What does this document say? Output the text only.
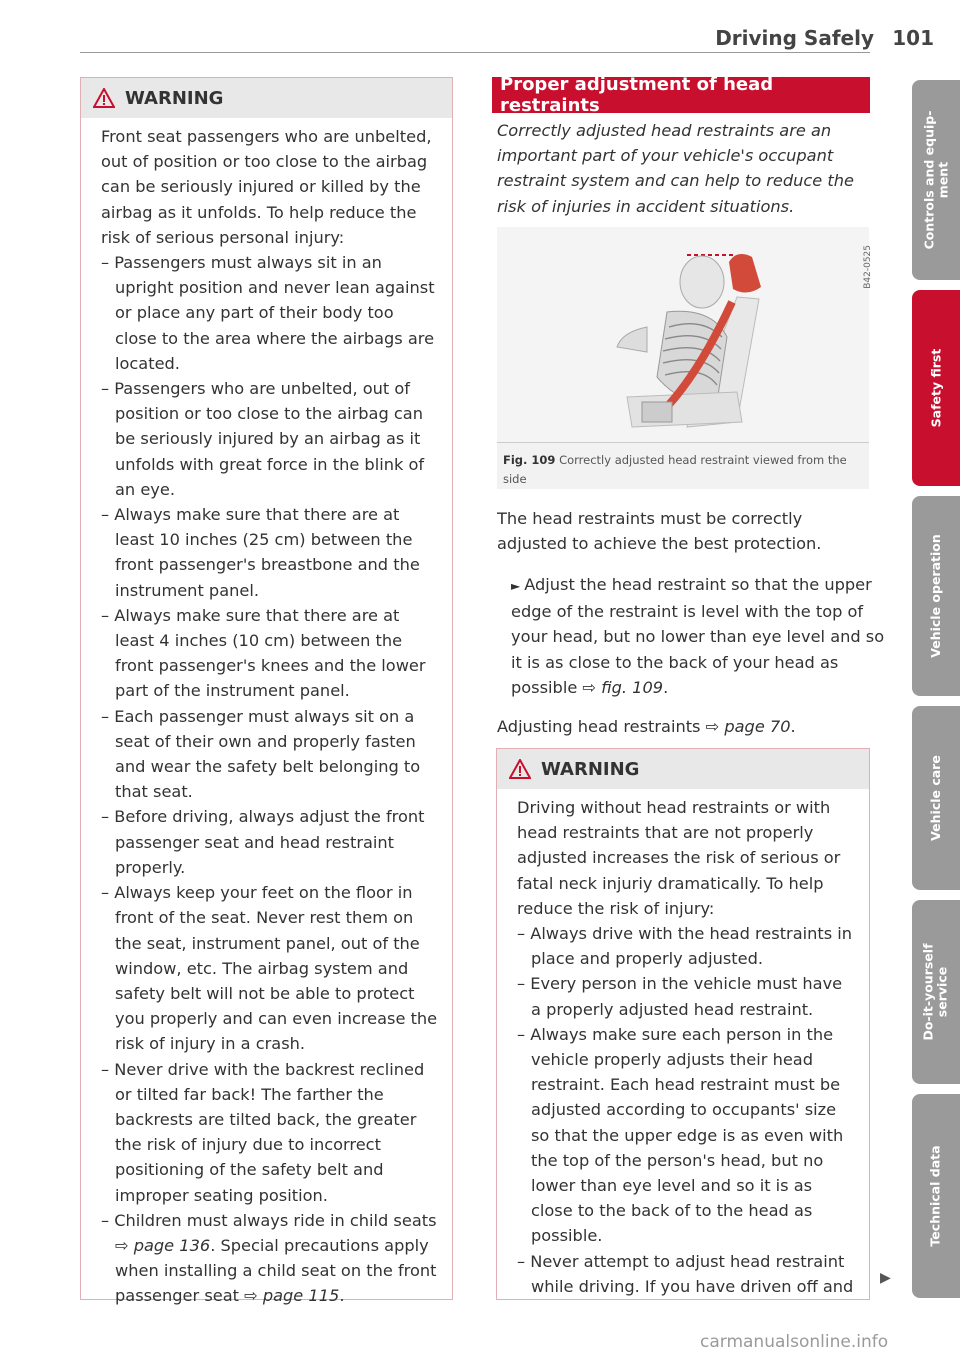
Driving Safely 101
WARNING

Front seat passengers who are unbelted, out of position or too close to the airbag can be seriously injured or killed by the airbag as it unfolds. To help reduce the risk of serious personal injury:

– Passengers must always sit in an upright position and never lean against or place any part of their body too close to the area where the airbags are located.
– Passengers who are unbelted, out of position or too close to the airbag can be seriously injured by an airbag as it unfolds with great force in the blink of an eye.
– Always make sure that there are at least 10 inches (25 cm) between the front passenger's breastbone and the instrument panel.
– Always make sure that there are at least 4 inches (10 cm) between the front passenger's knees and the lower part of the instrument panel.
– Each passenger must always sit on a seat of their own and properly fasten and wear the safety belt belonging to that seat.
– Before driving, always adjust the front passenger seat and head restraint properly.
– Always keep your feet on the floor in front of the seat. Never rest them on the seat, instrument panel, out of the window, etc. The airbag system and safety belt will not be able to protect you properly and can even increase the risk of injury in a crash.
– Never drive with the backrest reclined or tilted far back! The farther the backrests are tilted back, the greater the risk of injury due to incorrect positioning of the safety belt and improper seating position.
– Children must always ride in child seats ⇨ page 136. Special precautions apply when installing a child seat on the front passenger seat ⇨ page 115.
Proper adjustment of head restraints
Correctly adjusted head restraints are an important part of your vehicle's occupant restraint system and can help to reduce the risk of injuries in accident situations.
B42-0525
Fig. 109 Correctly adjusted head restraint viewed from the side
The head restraints must be correctly adjusted to achieve the best protection.
► Adjust the head restraint so that the upper edge of the restraint is level with the top of your head, but no lower than eye level and so it is as close to the back of your head as possible ⇨ fig. 109.
Adjusting head restraints ⇨ page 70.
WARNING

Driving without head restraints or with head restraints that are not properly adjusted increases the risk of serious or fatal neck injuriy dramatically. To help reduce the risk of injury:

– Always drive with the head restraints in place and properly adjusted.
– Every person in the vehicle must have a properly adjusted head restraint.
– Always make sure each person in the vehicle properly adjusts their head restraint. Each head restraint must be adjusted according to occupants' size so that the upper edge is as even with the top of the person's head, but no lower than eye level and so it is as close to the back of to the head as possible.
– Never attempt to adjust head restraint while driving. If you have driven off and ▶
Controls and equip-
ment
Safety first
Vehicle operation
Vehicle care
Do-it-yourself
service
Technical data
carmanualsonline.info
